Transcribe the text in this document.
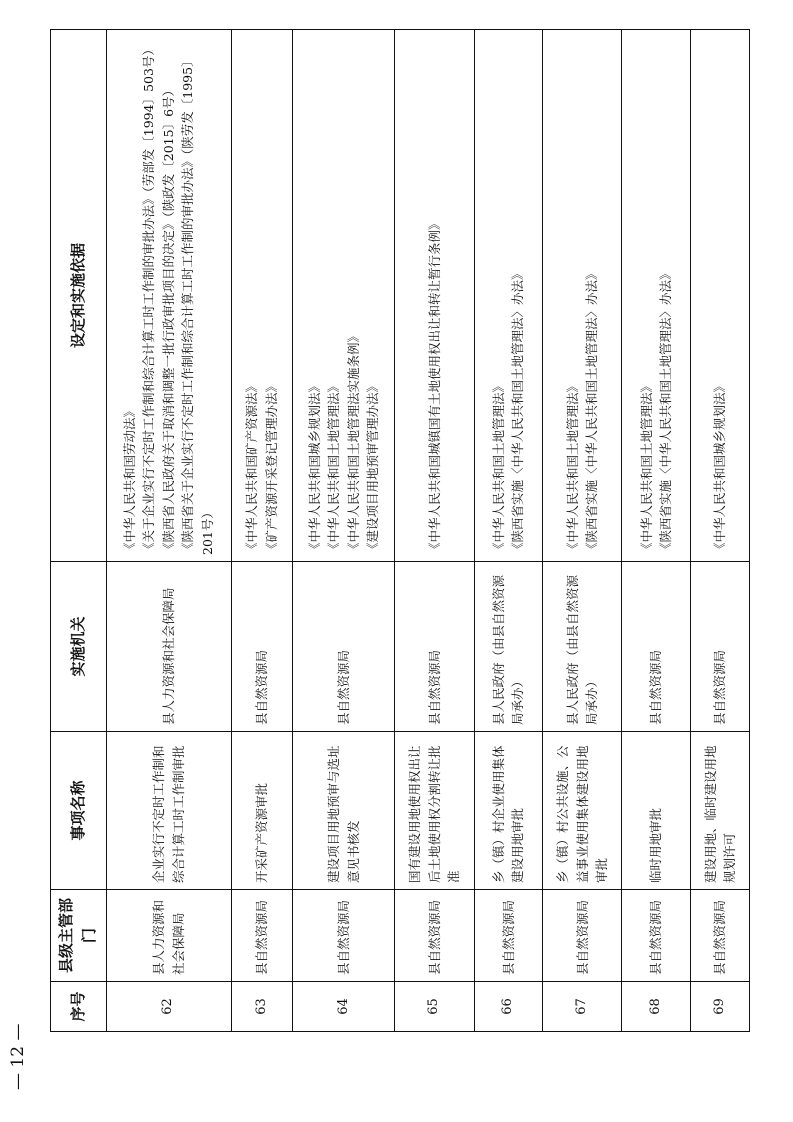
序号	县级主管部门	事项名称	实施机关	设定和实施依据
62	县人力资源和社会保障局	企业实行不定时工作制和综合计算工时工作制审批	县人力资源和社会保障局	《中华人民共和国劳动法》 《关于企业实行不定时工作制和综合计算工时工作制的审批办法》（劳部发〔1994〕503号） 《陕西省人民政府关于取消和调整一批行政审批项目的决定》（陕政发〔2015〕6号） 《陕西省关于企业实行不定时工作制和综合计算工时工作制的审批办法》（陕劳发〔1995〕201号）

63	县自然资源局	开采矿产资源审批	县自然资源局	《中华人民共和国矿产资源法》 《矿产资源开采登记管理办法》

64	县自然资源局	建设项目用地预审与选址意见书核发	县自然资源局	《中华人民共和国城乡规划法》 《中华人民共和国土地管理法》 《中华人民共和国土地管理法实施条例》 《建设项目用地预审管理办法》

65	县自然资源局	国有建设用地使用权出让后土地使用权分割转让批准	县自然资源局	《中华人民共和国城镇国有土地使用权出让和转让暂行条例》

66	县自然资源局	乡（镇）村企业使用集体建设用地审批	县人民政府（由县自然资源局承办）	《中华人民共和国土地管理法》 《陕西省实施〈中华人民共和国土地管理法〉办法》

67	县自然资源局	乡（镇）村公共设施、公益事业使用集体建设用地审批	县人民政府（由县自然资源局承办）	《中华人民共和国土地管理法》 《陕西省实施〈中华人民共和国土地管理法〉办法》

68	县自然资源局	临时用地审批	县自然资源局	《中华人民共和国土地管理法》 《陕西省实施〈中华人民共和国土地管理法〉办法》

69	县自然资源局	建设用地、临时建设用地规划许可	县自然资源局	《中华人民共和国城乡规划法》
— 12 —
